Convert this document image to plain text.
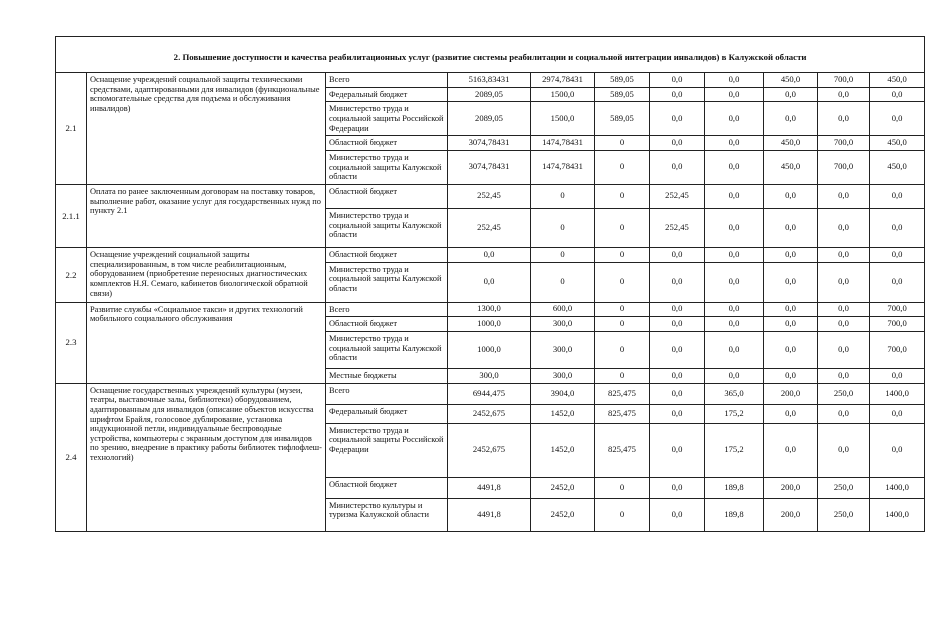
2. Повышение доступности и качества реабилитационных услуг (развитие системы реабилитации и социальной интеграции инвалидов) в Калужской области										
2.1	Оснащение учреждений социальной защиты техническими средствами, адаптированными для инвалидов (функциональные вспомогательные средства для подъема и обслуживания инвалидов)	Всего	5163,83431	2974,78431	589,05	0,0	0,0	450,0	700,0	450,0
		Федеральный бюджет	2089,05	1500,0	589,05	0,0	0,0	0,0	0,0	0,0
		Министерство труда и социальной защиты Российской Федерации	2089,05	1500,0	589,05	0,0	0,0	0,0	0,0	0,0
		Областной бюджет	3074,78431	1474,78431	0	0,0	0,0	450,0	700,0	450,0
		Министерство труда и социальной защиты Калужской области	3074,78431	1474,78431	0	0,0	0,0	450,0	700,0	450,0
2.1.1	Оплата по ранее заключенным договорам на поставку товаров, выполнение работ, оказание услуг для государственных нужд по пункту 2.1	Областной бюджет	252,45	0	0	252,45	0,0	0,0	0,0	0,0
		Министерство труда и социальной защиты Калужской области	252,45	0	0	252,45	0,0	0,0	0,0	0,0
2.2	Оснащение учреждений социальной защиты специализированным, в том числе реабилитационным, оборудованием (приобретение переносных диагностических комплектов Н.Я. Семаго, кабинетов биологической обратной связи)	Областной бюджет	0,0	0	0	0,0	0,0	0,0	0,0	0,0
		Министерство труда и социальной защиты Калужской области	0,0	0	0	0,0	0,0	0,0	0,0	0,0
2.3	Развитие службы «Социальное такси» и других технологий мобильного социального обслуживания	Всего	1300,0	600,0	0	0,0	0,0	0,0	0,0	700,0
		Областной бюджет	1000,0	300,0	0	0,0	0,0	0,0	0,0	700,0
		Министерство труда и социальной защиты Калужской области	1000,0	300,0	0	0,0	0,0	0,0	0,0	700,0
		Местные бюджеты	300,0	300,0	0	0,0	0,0	0,0	0,0	0,0
2.4	Оснащение государственных учреждений культуры (музеи, театры, выставочные залы, библиотеки) оборудованием, адаптированным для инвалидов (описание объектов искусства шрифтом Брайля, голосовое дублирование, установка индукционной петли, индивидуальные беспроводные устройства, компьютеры с экранным доступом для инвалидов по зрению, внедрение в практику работы библиотек тифлофлеш-технологий)	Всего	6944,475	3904,0	825,475	0,0	365,0	200,0	250,0	1400,0
		Федеральный бюджет	2452,675	1452,0	825,475	0,0	175,2	0,0	0,0	0,0
		Министерство труда и социальной защиты Российской Федерации	2452,675	1452,0	825,475	0,0	175,2	0,0	0,0	0,0
		Областной бюджет	4491,8	2452,0	0	0,0	189,8	200,0	250,0	1400,0
		Министерство культуры и туризма Калужской области	4491,8	2452,0	0	0,0	189,8	200,0	250,0	1400,0
